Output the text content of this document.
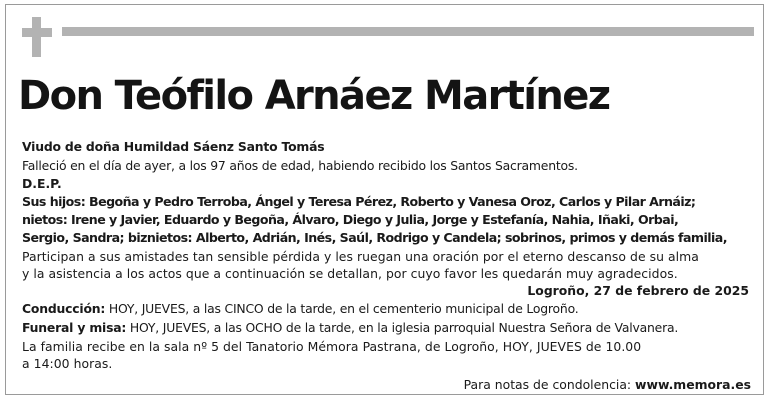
Don Teófilo Arnáez Martínez

Viudo de doña Humildad Sáenz Santo Tomás

Falleció en el día de ayer, a los 97 años de edad, habiendo recibido los Santos Sacramentos.

D.E.P.

Sus hijos: Begoña y Pedro Terroba, Ángel y Teresa Pérez, Roberto y Vanesa Oroz, Carlos y Pilar Arnáiz;

nietos: Irene y Javier, Eduardo y Begoña, Álvaro, Diego y Julia, Jorge y Estefanía, Nahia, Iñaki, Orbai,

Sergio, Sandra; biznietos: Alberto, Adrián, Inés, Saúl, Rodrigo y Candela; sobrinos, primos y demás familia,

Participan a sus amistades tan sensible pérdida y les ruegan una oración por el eterno descanso de su alma

y la asistencia a los actos que a continuación se detallan, por cuyo favor les quedarán muy agradecidos.

Logroño, 27 de febrero de 2025

Conducción: HOY, JUEVES, a las CINCO de la tarde, en el cementerio municipal de Logroño.

Funeral y misa: HOY, JUEVES, a las OCHO de la tarde, en la iglesia parroquial Nuestra Señora de Valvanera.

La familia recibe en la sala nº 5 del Tanatorio Mémora Pastrana, de Logroño, HOY, JUEVES de 10.00

a 14:00 horas.

Para notas de condolencia: www.memora.es
